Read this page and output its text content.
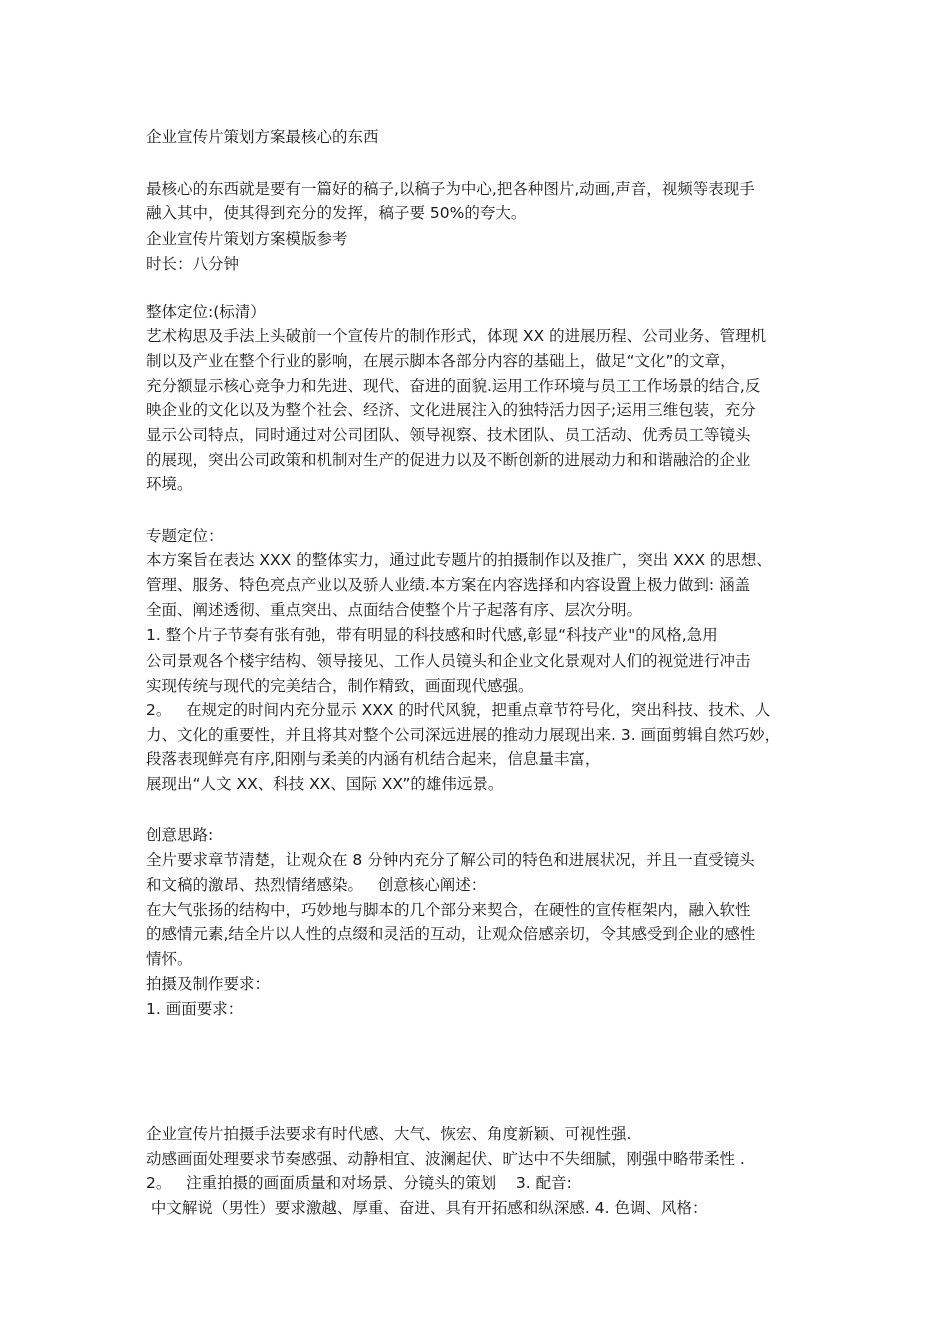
企业宣传片策划方案最核心的东西
最核心的东西就是要有一篇好的稿子,以稿子为中心,把各种图片,动画,声音，视频等表现手
融入其中，使其得到充分的发挥，稿子要 50%的夸大。
企业宣传片策划方案模版参考
时长：八分钟
整体定位:(标清）
艺术构思及手法上头破前一个宣传片的制作形式，体现 XX 的进展历程、公司业务、管理机
制以及产业在整个行业的影响，在展示脚本各部分内容的基础上，做足“文化”的文章，
充分额显示核心竞争力和先进、现代、奋进的面貌.运用工作环境与员工工作场景的结合,反
映企业的文化以及为整个社会、经济、文化进展注入的独特活力因子;运用三维包装，充分
显示公司特点，同时通过对公司团队、领导视察、技术团队、员工活动、优秀员工等镜头
的展现，突出公司政策和机制对生产的促进力以及不断创新的进展动力和和谐融洽的企业
环境。
专题定位：
本方案旨在表达 XXX 的整体实力，通过此专题片的拍摄制作以及推广，突出 XXX 的思想、
管理、服务、特色亮点产业以及骄人业绩.本方案在内容选择和内容设置上极力做到: 涵盖
全面、阐述透彻、重点突出、点面结合使整个片子起落有序、层次分明。
1. 整个片子节奏有张有弛，带有明显的科技感和时代感,彰显“科技产业"的风格,急用
公司景观各个楼宇结构、领导接见、工作人员镜头和企业文化景观对人们的视觉进行冲击
实现传统与现代的完美结合，制作精致，画面现代感强。
2。   在规定的时间内充分显示 XXX 的时代风貌，把重点章节符号化，突出科技、技术、人
力、文化的重要性，并且将其对整个公司深远进展的推动力展现出来. 3. 画面剪辑自然巧妙，
段落表现鲜亮有序,阳刚与柔美的内涵有机结合起来，信息量丰富，
展现出“人文 XX、科技 XX、国际 XX”的雄伟远景。
创意思路:
全片要求章节清楚，让观众在 8 分钟内充分了解公司的特色和进展状况，并且一直受镜头
和文稿的激昂、热烈情绪感染。   创意核心阐述：
在大气张扬的结构中，巧妙地与脚本的几个部分来契合，在硬性的宣传框架内，融入软性
的感情元素,结全片以人性的点缀和灵活的互动，让观众倍感亲切，令其感受到企业的感性
情怀。
拍摄及制作要求：
1. 画面要求：
企业宣传片拍摄手法要求有时代感、大气、恢宏、角度新颖、可视性强.
动感画面处理要求节奏感强、动静相宜、波澜起伏、旷达中不失细腻，刚强中略带柔性 .
2。   注重拍摄的画面质量和对场景、分镜头的策划    3. 配音:
中文解说（男性）要求激越、厚重、奋进、具有开拓感和纵深感. 4. 色调、风格：
